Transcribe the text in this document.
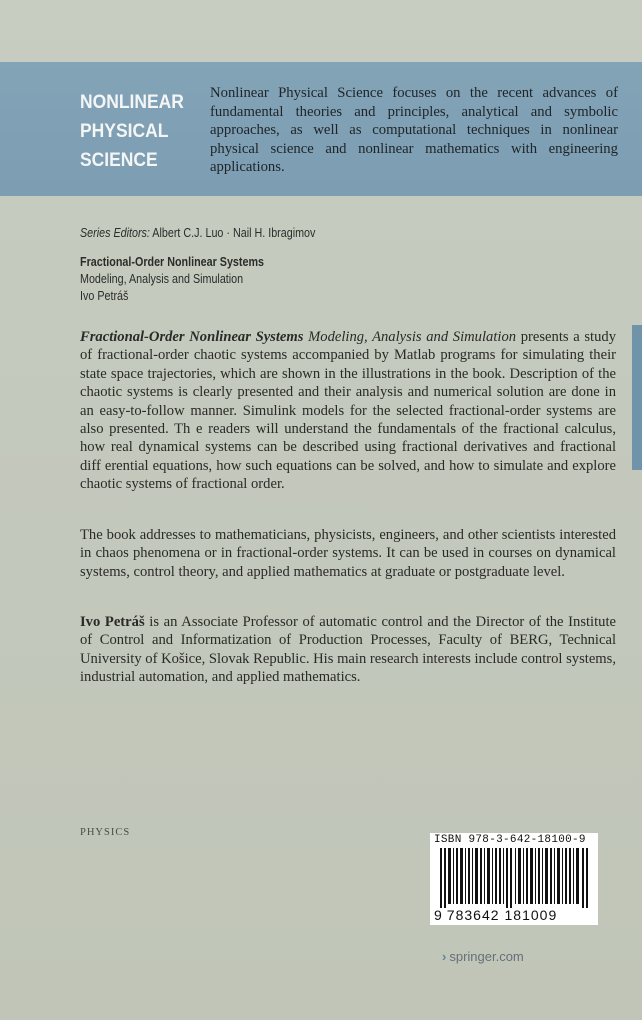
NONLINEAR
PHYSICAL
SCIENCE
Nonlinear Physical Science focuses on the recent advances of fundamental theories and principles, analytical and symbolic approaches, as well as computational techniques in nonlinear physical science and nonlinear mathematics with engineering applications.
Series Editors: Albert C.J. Luo · Nail H. Ibragimov
Fractional-Order Nonlinear Systems
Modeling, Analysis and Simulation
Ivo Petráš
Fractional-Order Nonlinear Systems Modeling, Analysis and Simulation presents a study of fractional-order chaotic systems accompanied by Matlab programs for simulating their state space trajectories, which are shown in the illustrations in the book. Description of the chaotic systems is clearly presented and their analysis and numerical solution are done in an easy-to-follow manner. Simulink models for the selected fractional-order systems are also presented. Th e readers will understand the fundamentals of the fractional calculus, how real dynamical systems can be described using fractional derivatives and fractional diff erential equations, how such equations can be solved, and how to simulate and explore chaotic systems of fractional order.
The book addresses to mathematicians, physicists, engineers, and other scientists interested in chaos phenomena or in fractional-order systems. It can be used in courses on dynamical systems, control theory, and applied mathematics at graduate or postgraduate level.
Ivo Petráš is an Associate Professor of automatic control and the Director of the Institute of Control and Informatization of Production Processes, Faculty of BERG, Technical University of Košice, Slovak Republic. His main research interests include control systems, industrial automation, and applied mathematics.
PHYSICS
ISBN 978-3-642-18100-9
9 783642 181009
› springer.com
